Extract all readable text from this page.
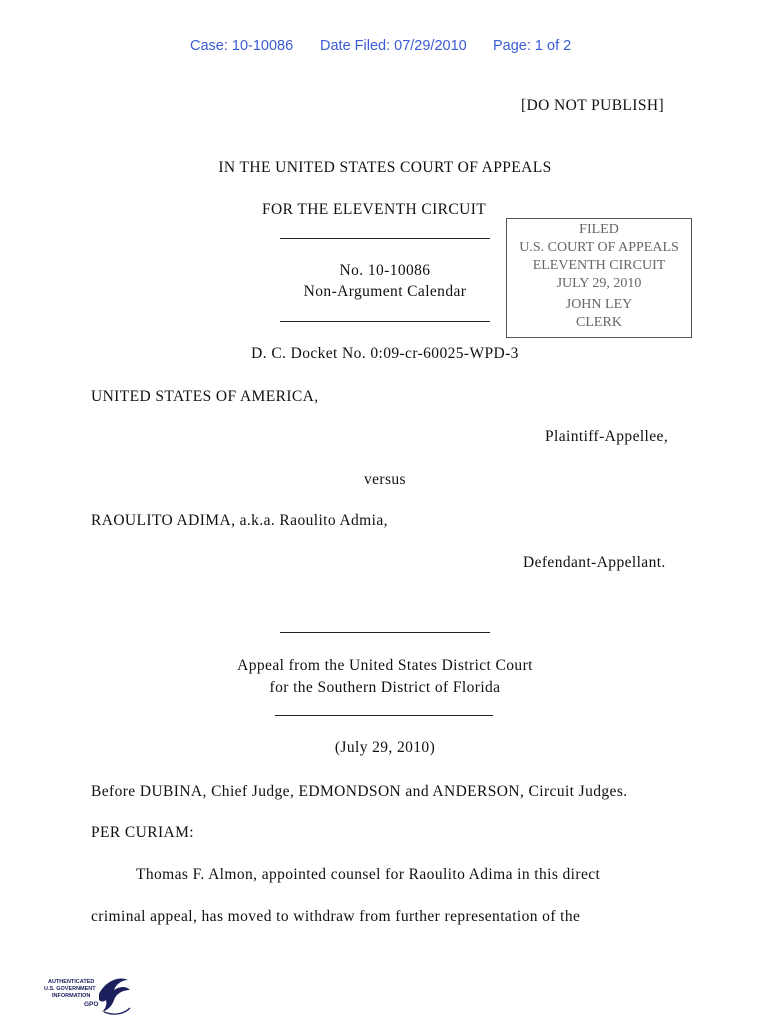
Case: 10-10086 Date Filed: 07/29/2010 Page: 1 of 2
[DO NOT PUBLISH]
IN THE UNITED STATES COURT OF APPEALS
FOR THE ELEVENTH CIRCUIT
No. 10-10086
Non-Argument Calendar
FILED
U.S. COURT OF APPEALS
ELEVENTH CIRCUIT
JULY 29, 2010
JOHN LEY
CLERK
D. C. Docket No. 0:09-cr-60025-WPD-3
UNITED STATES OF AMERICA,
Plaintiff-Appellee,
versus
RAOULITO ADIMA, a.k.a. Raoulito Admia,
Defendant-Appellant.
Appeal from the United States District Court
for the Southern District of Florida
(July 29, 2010)
Before DUBINA, Chief Judge, EDMONDSON and ANDERSON, Circuit Judges.
PER CURIAM:
Thomas F. Almon, appointed counsel for Raoulito Adima in this direct
criminal appeal, has moved to withdraw from further representation of the
AUTHENTICATED
U.S. GOVERNMENT
INFORMATION
GPO
